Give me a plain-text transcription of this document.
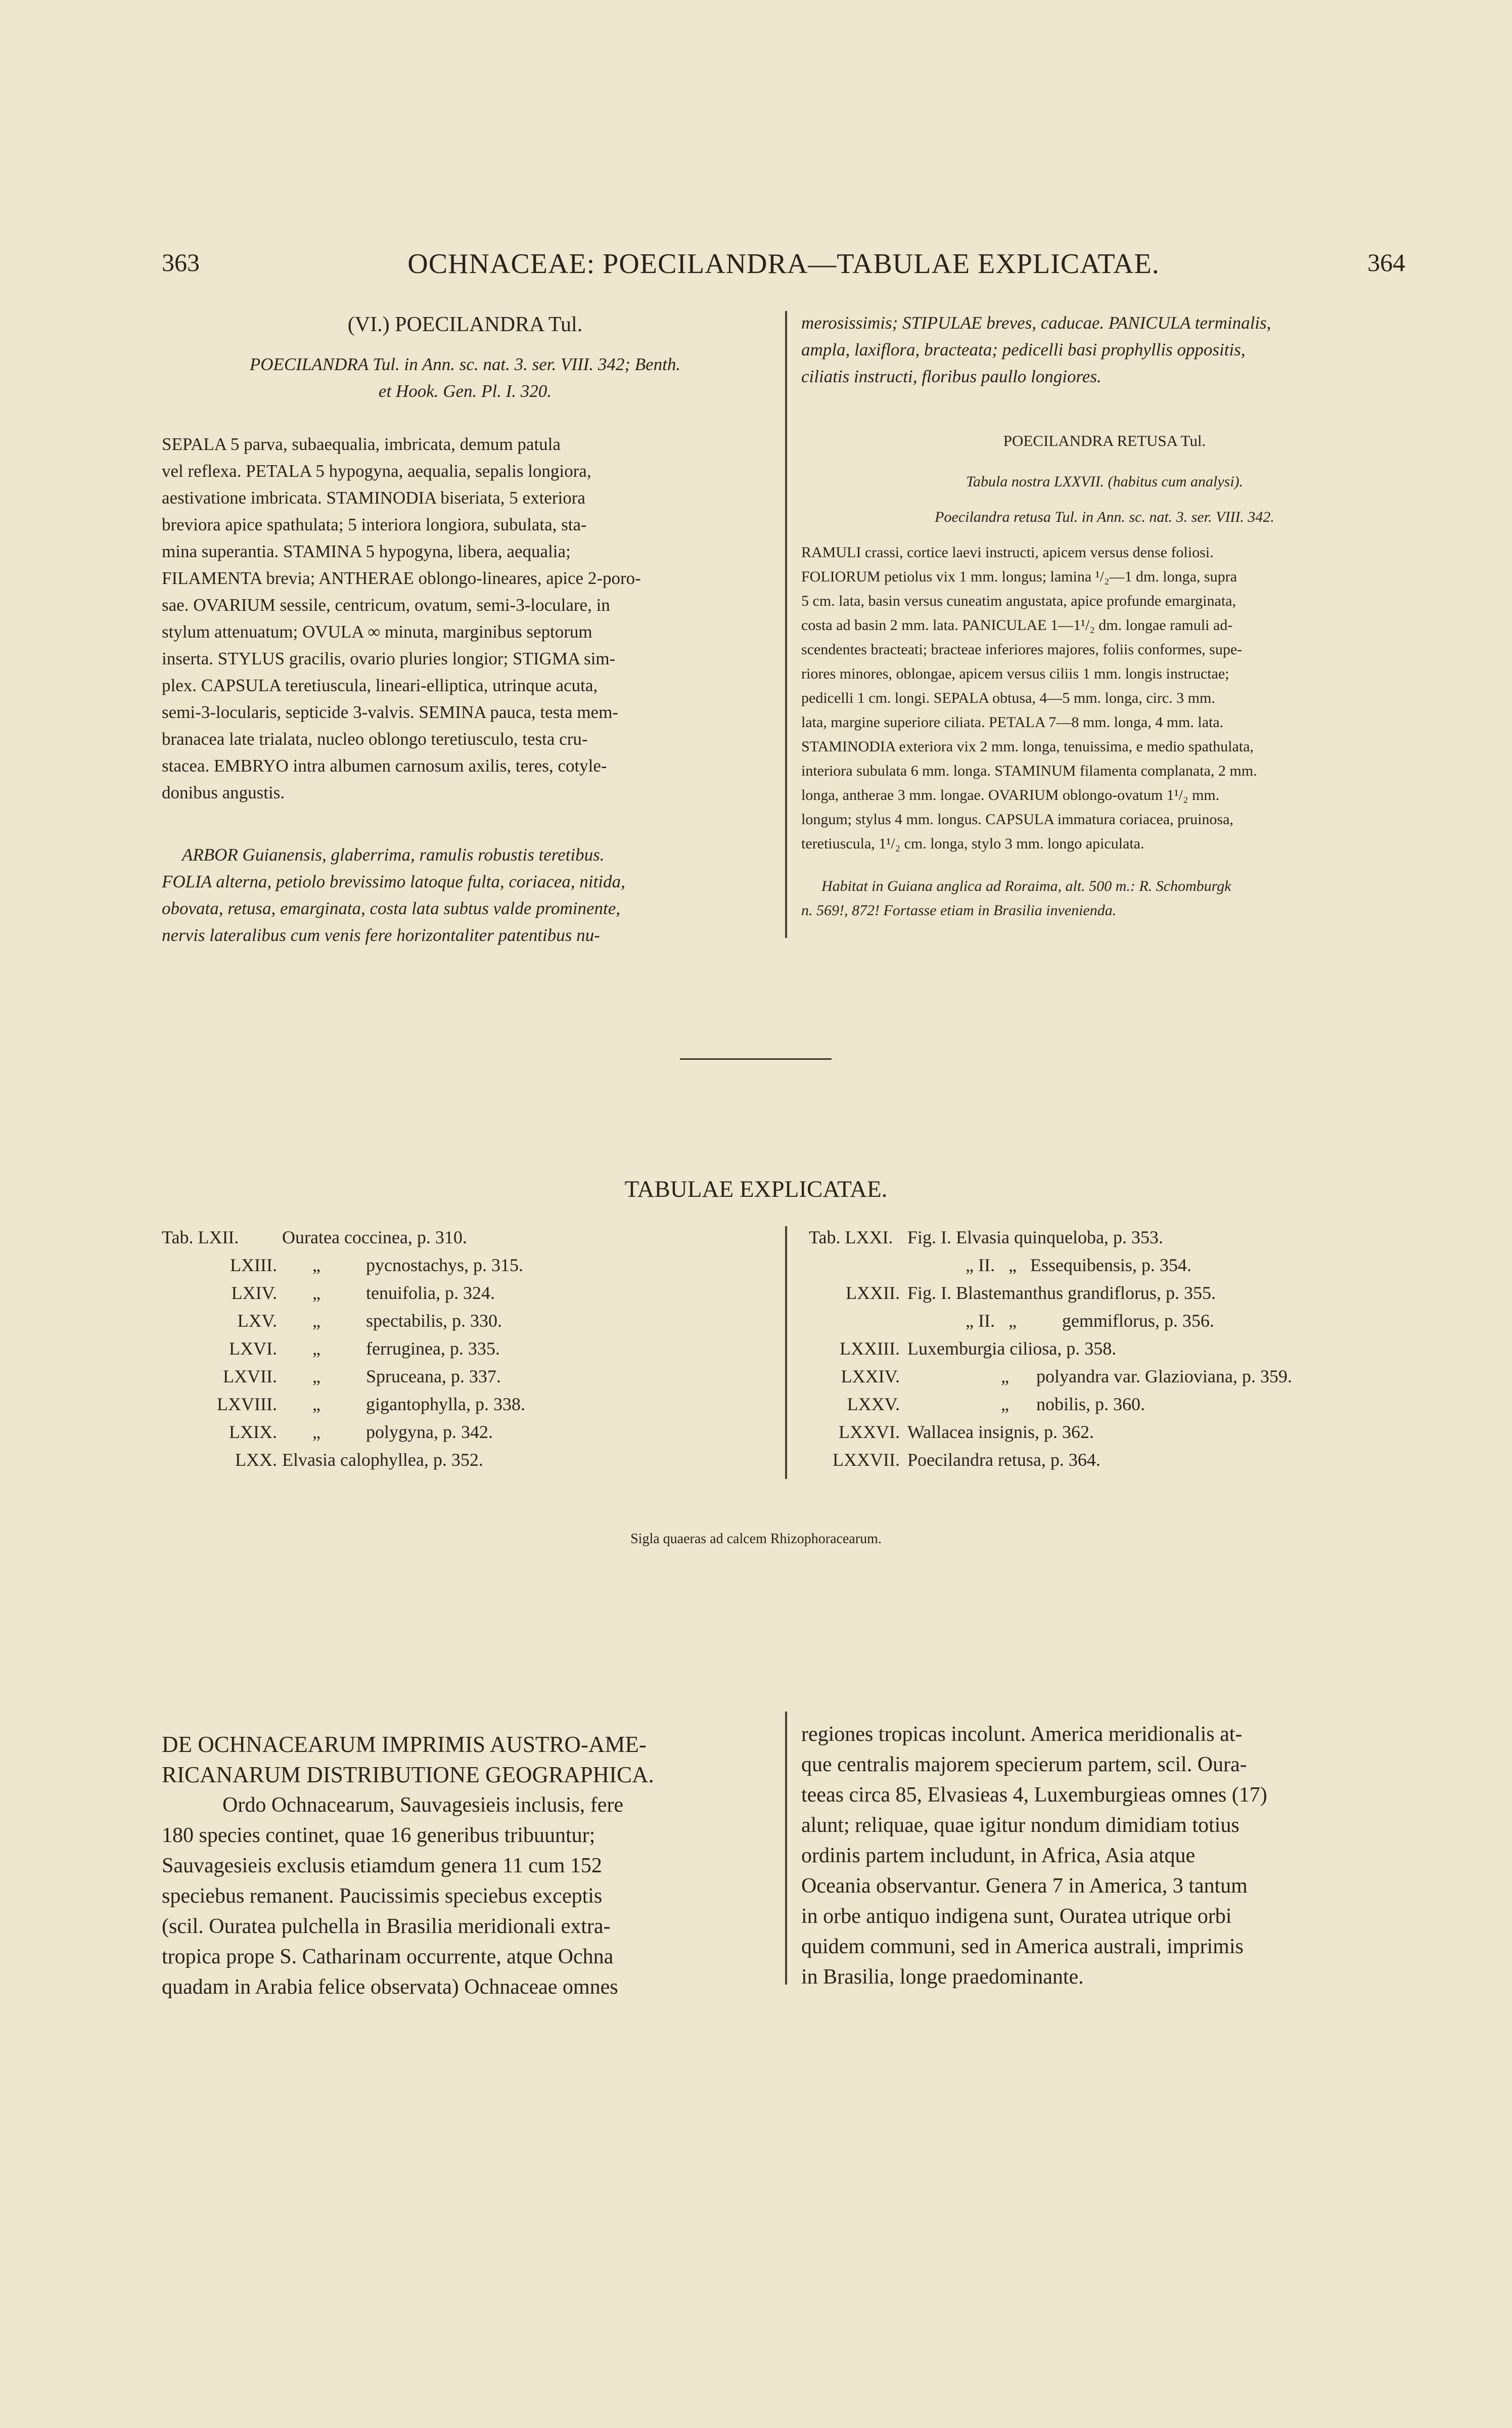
363	OCHNACEAE: POECILANDRA—TABULAE EXPLICATAE.	364

(VI.) POECILANDRA Tul.

POECILANDRA Tul. in Ann. sc. nat. 3. ser. VIII. 342; Benth.

et Hook. Gen. Pl. I. 320.

SEPALA 5 parva, subaequalia, imbricata, demum patula

vel reflexa. PETALA 5 hypogyna, aequalia, sepalis longiora,

aestivatione imbricata. STAMINODIA biseriata, 5 exteriora

breviora apice spathulata; 5 interiora longiora, subulata, sta-

mina superantia. STAMINA 5 hypogyna, libera, aequalia;

FILAMENTA brevia; ANTHERAE oblongo-lineares, apice 2-poro-

sae. OVARIUM sessile, centricum, ovatum, semi-3-loculare, in

stylum attenuatum; OVULA ∞ minuta, marginibus septorum

inserta. STYLUS gracilis, ovario pluries longior; STIGMA sim-

plex. CAPSULA teretiuscula, lineari-elliptica, utrinque acuta,

semi-3-locularis, septicide 3-valvis. SEMINA pauca, testa mem-

branacea late trialata, nucleo oblongo teretiusculo, testa cru-

stacea. EMBRYO intra albumen carnosum axilis, teres, cotyle-

donibus angustis.

ARBOR Guianensis, glaberrima, ramulis robustis teretibus.

FOLIA alterna, petiolo brevissimo latoque fulta, coriacea, nitida,

obovata, retusa, emarginata, costa lata subtus valde prominente,

nervis lateralibus cum venis fere horizontaliter patentibus nu-

merosissimis; STIPULAE breves, caducae. PANICULA terminalis,

ampla, laxiflora, bracteata; pedicelli basi prophyllis oppositis,

ciliatis instructi, floribus paullo longiores.

POECILANDRA RETUSA Tul.

Tabula nostra LXXVII. (habitus cum analysi).

Poecilandra retusa Tul. in Ann. sc. nat. 3. ser. VIII. 342.

RAMULI crassi, cortice laevi instructi, apicem versus dense foliosi.

FOLIORUM petiolus vix 1 mm. longus; lamina ¹/₂—1 dm. longa, supra

5 cm. lata, basin versus cuneatim angustata, apice profunde emarginata,

costa ad basin 2 mm. lata. PANICULAE 1—1¹/₂ dm. longae ramuli ad-

scendentes bracteati; bracteae inferiores majores, foliis conformes, supe-

riores minores, oblongae, apicem versus ciliis 1 mm. longis instructae;

pedicelli 1 cm. longi. SEPALA obtusa, 4—5 mm. longa, circ. 3 mm.

lata, margine superiore ciliata. PETALA 7—8 mm. longa, 4 mm. lata.

STAMINODIA exteriora vix 2 mm. longa, tenuissima, e medio spathulata,

interiora subulata 6 mm. longa. STAMINUM filamenta complanata, 2 mm.

longa, antherae 3 mm. longae. OVARIUM oblongo-ovatum 1¹/₂ mm.

longum; stylus 4 mm. longus. CAPSULA immatura coriacea, pruinosa,

teretiuscula, 1¹/₂ cm. longa, stylo 3 mm. longo apiculata.

Habitat in Guiana anglica ad Roraima, alt. 500 m.: R. Schomburgk

n. 569!, 872! Fortasse etiam in Brasilia invenienda.

TABULAE EXPLICATAE.

Tab. LXII. Ouratea coccinea, p. 310.
LXIII. „	pycnostachys, p. 315.
LXIV. „	tenuifolia, p. 324.
LXV. „	spectabilis, p. 330.
LXVI. „	ferruginea, p. 335.
LXVII. „	Spruceana, p. 337.
LXVIII. „	gigantophylla, p. 338.
LXIX. „	polygyna, p. 342.
LXX. Elvasia calophyllea, p. 352.
Tab. LXXI. Fig. I. Elvasia quinqueloba, p. 353.
„ II.   „   Essequibensis, p. 354.
LXXII. Fig. I. Blastemanthus grandiflorus, p. 355.
„ II.   „          gemmiflorus, p. 356.
LXXIII. Luxemburgia ciliosa, p. 358.
LXXIV.	„      polyandra var. Glazioviana, p. 359.
LXXV.	„      nobilis, p. 360.
LXXVI. Wallacea insignis, p. 362.
LXXVII. Poecilandra retusa, p. 364.

Sigla quaeras ad calcem Rhizophoracearum.

DE OCHNACEARUM IMPRIMIS AUSTRO-AME-

RICANARUM DISTRIBUTIONE GEOGRAPHICA.

Ordo Ochnacearum, Sauvagesieis inclusis, fere

180 species continet, quae 16 generibus tribuuntur;

Sauvagesieis exclusis etiamdum genera 11 cum 152

speciebus remanent. Paucissimis speciebus exceptis

(scil. Ouratea pulchella in Brasilia meridionali extra-

tropica prope S. Catharinam occurrente, atque Ochna

quadam in Arabia felice observata) Ochnaceae omnes

regiones tropicas incolunt. America meridionalis at-

que centralis majorem specierum partem, scil. Oura-

teeas circa 85, Elvasieas 4, Luxemburgieas omnes (17)

alunt; reliquae, quae igitur nondum dimidiam totius

ordinis partem includunt, in Africa, Asia atque

Oceania observantur. Genera 7 in America, 3 tantum

in orbe antiquo indigena sunt, Ouratea utrique orbi

quidem communi, sed in America australi, imprimis

in Brasilia, longe praedominante.
